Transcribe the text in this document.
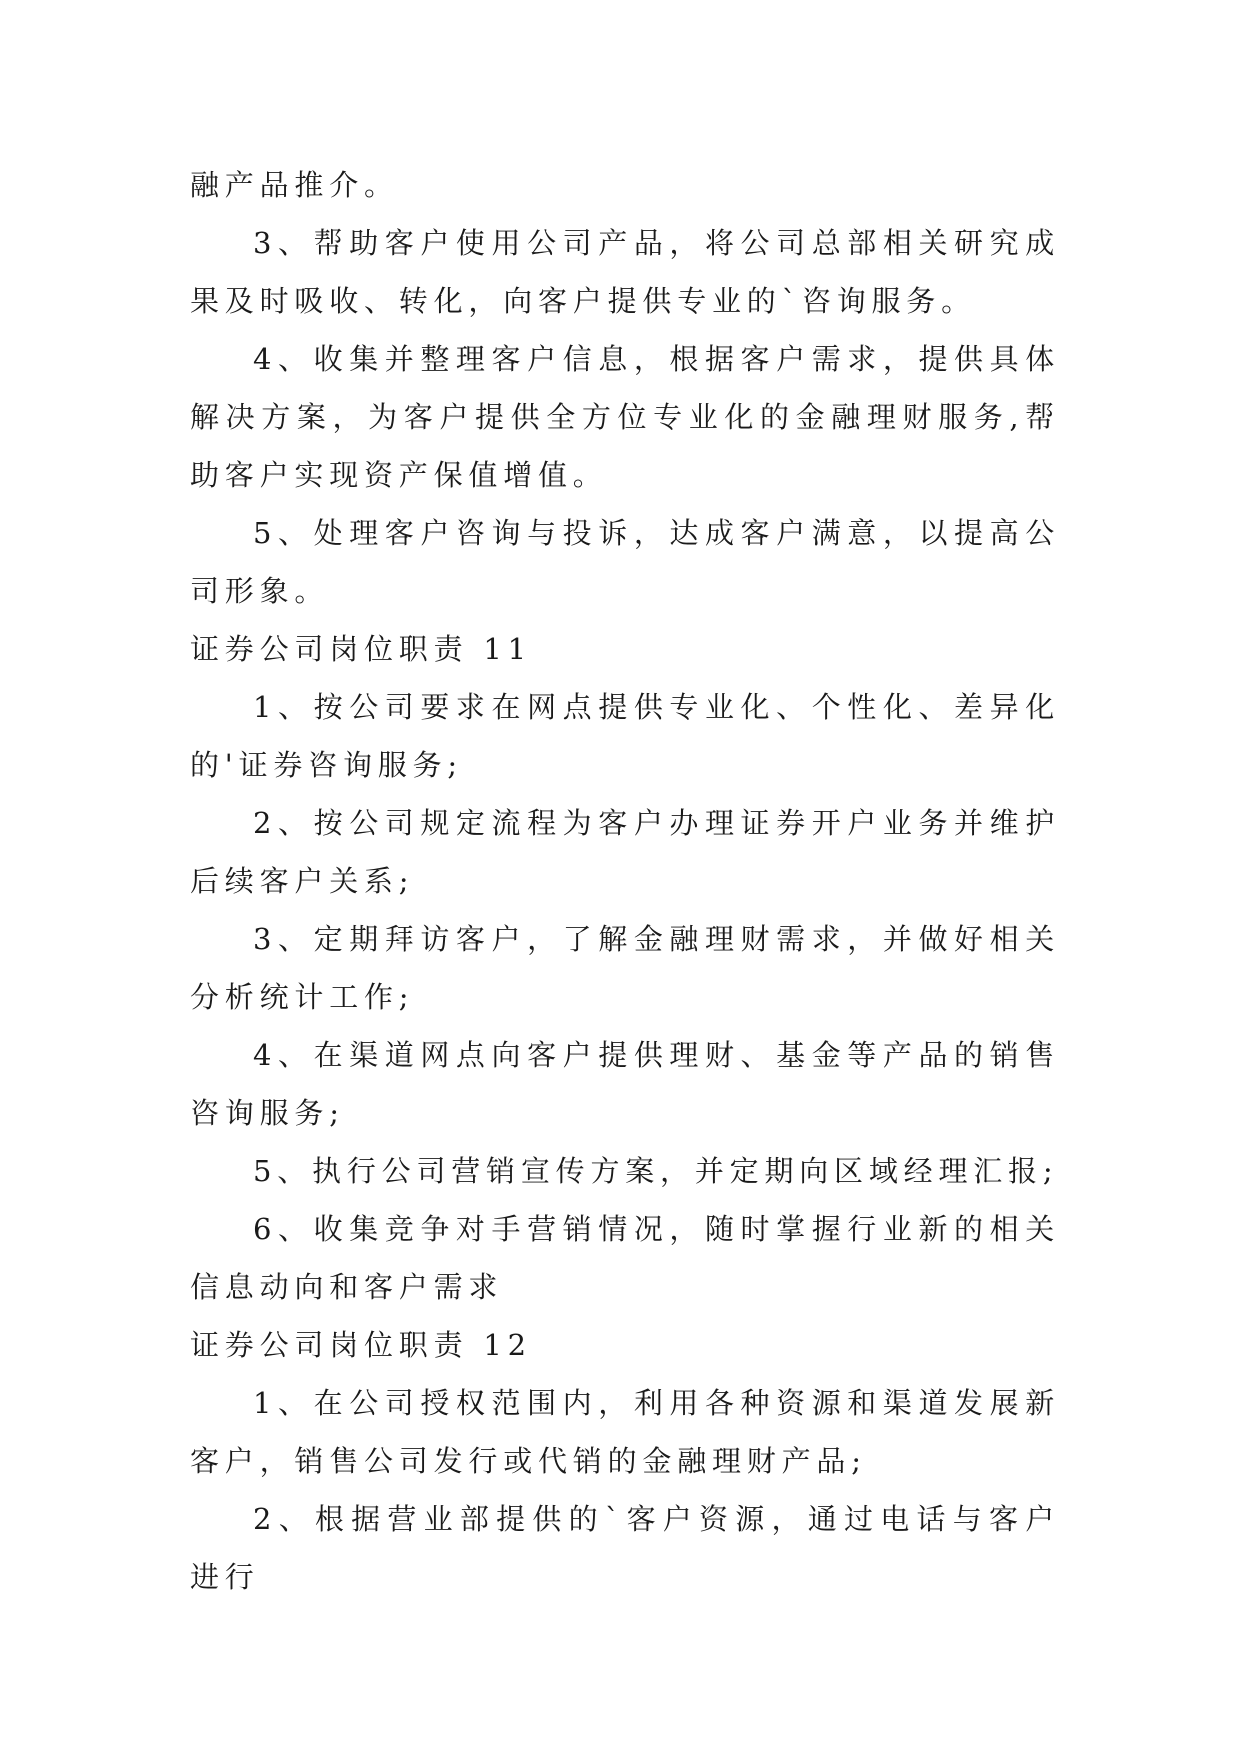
融产品推介。

3、帮助客户使用公司产品，将公司总部相关研究成果及时吸收、转化，向客户提供专业的`咨询服务。

4、收集并整理客户信息，根据客户需求，提供具体解决方案，为客户提供全方位专业化的金融理财服务,帮助客户实现资产保值增值。

5、处理客户咨询与投诉，达成客户满意，以提高公司形象。

证券公司岗位职责 11

1、按公司要求在网点提供专业化、个性化、差异化的'证券咨询服务;

2、按公司规定流程为客户办理证券开户业务并维护后续客户关系;

3、定期拜访客户，了解金融理财需求，并做好相关分析统计工作;

4、在渠道网点向客户提供理财、基金等产品的销售咨询服务;

5、执行公司营销宣传方案，并定期向区域经理汇报;

6、收集竞争对手营销情况，随时掌握行业新的相关信息动向和客户需求

证券公司岗位职责 12

1、在公司授权范围内，利用各种资源和渠道发展新客户，销售公司发行或代销的金融理财产品;

2、根据营业部提供的`客户资源，通过电话与客户进行
